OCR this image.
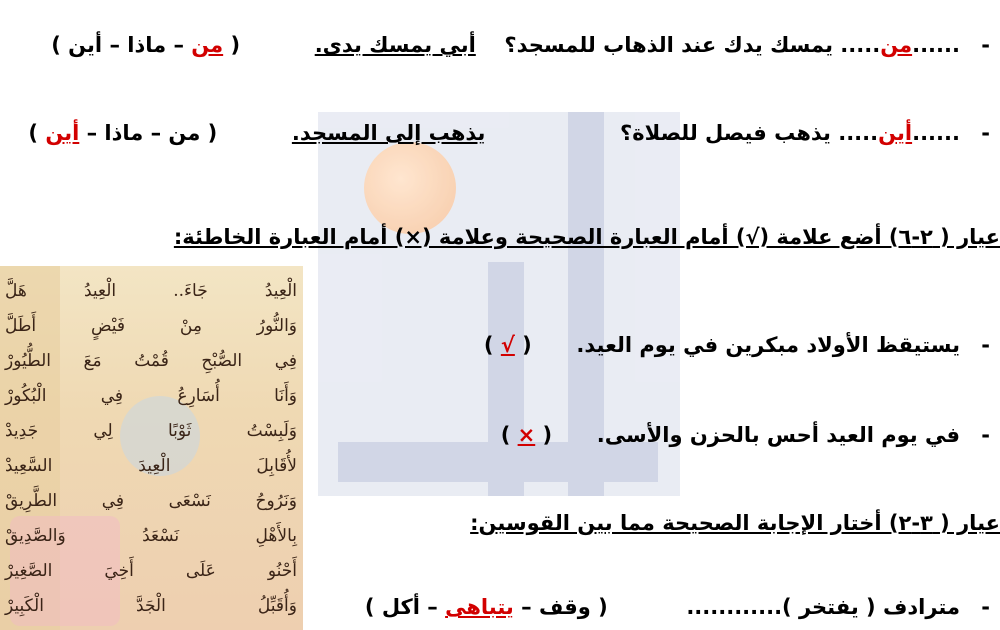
- ......من..... يمسك يدك عند الذهاب للمسجد؟  أبي يمسك يدى.  ( من – ماذا – أين )
- ......أين..... يذهب فيصل للصلاة؟  يذهب إلى المسجد.  ( من – ماذا – أين )
عيار ( ٢-٦) أضع علامة (√) أمام العبارة الصحيحة وعلامة (×) أمام العبارة الخاطئة:
- يستيقظ الأولاد مبكرين في يوم العيد.  ( √ )
- في يوم العيد أحس بالحزن والأسى.  ( × )
عيار ( ٣-٢) أختار الإجابة الصحيحة مما بين القوسين:
- مترادف ( يفتخر )............  ( وقف – يتباهى – أكل )
الْعِيدُ جَاءَ.. الْعِيدُ هَلَّ
وَالنُّورُ مِنْ فَيْضٍ أَطَلَّ
فِي الصُّبْحِ قُمْتُ مَعَ الطُّيُورْ
وَأَنَا أُسَارِعُ فِي الْبُكُورْ
وَلَبِسْتُ ثَوْبًا لِي جَدِيدْ
لأُقَابِلَ الْعِيدَ السَّعِيدْ
وَنَرُوحُ نَسْعَى فِي الطَّرِيقْ
بِالأَهْلِ نَسْعَدُ وَالصَّدِيقْ
أَحْنُو عَلَى أَخِيَ الصَّغِيرْ
وَأُقَبِّلُ الْجَدَّ الْكَبِيرْ
